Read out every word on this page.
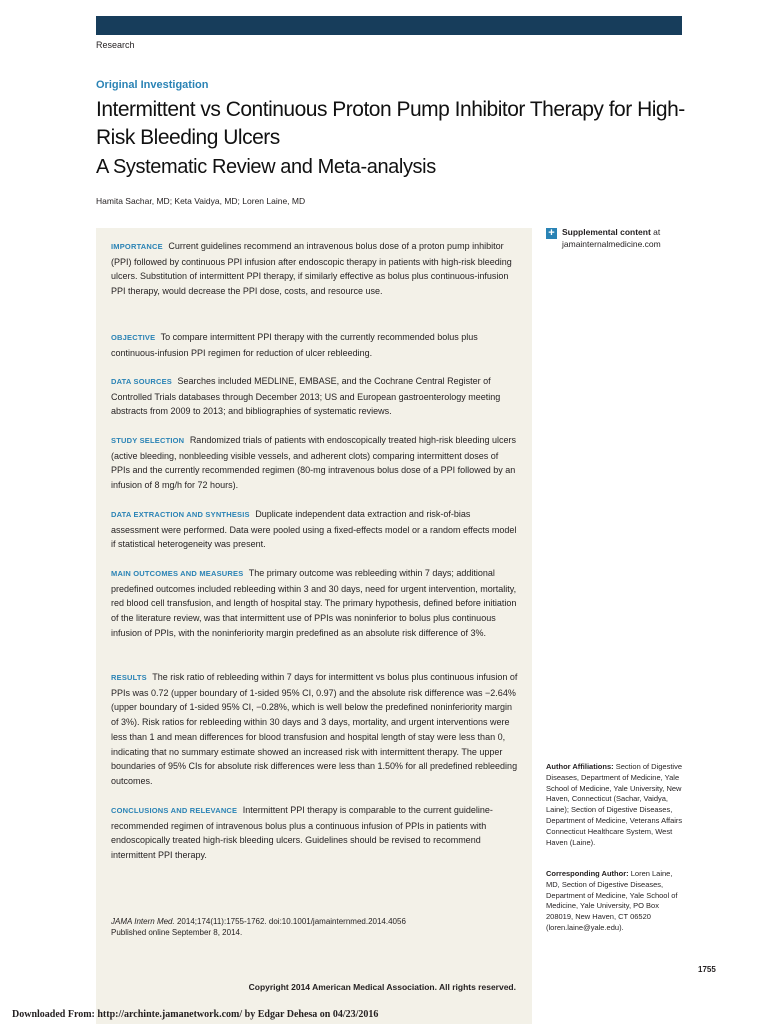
Research
Original Investigation
Intermittent vs Continuous Proton Pump Inhibitor Therapy for High-Risk Bleeding Ulcers
A Systematic Review and Meta-analysis
Hamita Sachar, MD; Keta Vaidya, MD; Loren Laine, MD
IMPORTANCE Current guidelines recommend an intravenous bolus dose of a proton pump inhibitor (PPI) followed by continuous PPI infusion after endoscopic therapy in patients with high-risk bleeding ulcers. Substitution of intermittent PPI therapy, if similarly effective as bolus plus continuous-infusion PPI therapy, would decrease the PPI dose, costs, and resource use.
OBJECTIVE To compare intermittent PPI therapy with the currently recommended bolus plus continuous-infusion PPI regimen for reduction of ulcer rebleeding.
DATA SOURCES Searches included MEDLINE, EMBASE, and the Cochrane Central Register of Controlled Trials databases through December 2013; US and European gastroenterology meeting abstracts from 2009 to 2013; and bibliographies of systematic reviews.
STUDY SELECTION Randomized trials of patients with endoscopically treated high-risk bleeding ulcers (active bleeding, nonbleeding visible vessels, and adherent clots) comparing intermittent doses of PPIs and the currently recommended regimen (80-mg intravenous bolus dose of a PPI followed by an infusion of 8 mg/h for 72 hours).
DATA EXTRACTION AND SYNTHESIS Duplicate independent data extraction and risk-of-bias assessment were performed. Data were pooled using a fixed-effects model or a random effects model if statistical heterogeneity was present.
MAIN OUTCOMES AND MEASURES The primary outcome was rebleeding within 7 days; additional predefined outcomes included rebleeding within 3 and 30 days, need for urgent intervention, mortality, red blood cell transfusion, and length of hospital stay. The primary hypothesis, defined before initiation of the literature review, was that intermittent use of PPIs was noninferior to bolus plus continuous infusion of PPIs, with the noninferiority margin predefined as an absolute risk difference of 3%.
RESULTS The risk ratio of rebleeding within 7 days for intermittent vs bolus plus continuous infusion of PPIs was 0.72 (upper boundary of 1-sided 95% CI, 0.97) and the absolute risk difference was −2.64% (upper boundary of 1-sided 95% CI, −0.28%, which is well below the predefined noninferiority margin of 3%). Risk ratios for rebleeding within 30 days and 3 days, mortality, and urgent interventions were less than 1 and mean differences for blood transfusion and hospital length of stay were less than 0, indicating that no summary estimate showed an increased risk with intermittent therapy. The upper boundaries of 95% CIs for absolute risk differences were less than 1.50% for all predefined rebleeding outcomes.
CONCLUSIONS AND RELEVANCE Intermittent PPI therapy is comparable to the current guideline-recommended regimen of intravenous bolus plus a continuous infusion of PPIs in patients with endoscopically treated high-risk bleeding ulcers. Guidelines should be revised to recommend intermittent PPI therapy.
JAMA Intern Med. 2014;174(11):1755-1762. doi:10.1001/jamainternmed.2014.4056
Published online September 8, 2014.
Copyright 2014 American Medical Association. All rights reserved.
+ Supplemental content at
jamainternalmedicine.com
Author Affiliations: Section of Digestive Diseases, Department of Medicine, Yale School of Medicine, Yale University, New Haven, Connecticut (Sachar, Vaidya, Laine); Section of Digestive Diseases, Department of Medicine, Veterans Affairs Connecticut Healthcare System, West Haven (Laine).
Corresponding Author: Loren Laine, MD, Section of Digestive Diseases, Department of Medicine, Yale School of Medicine, Yale University, PO Box 208019, New Haven, CT 06520 (loren.laine@yale.edu).
1755
Downloaded From: http://archinte.jamanetwork.com/ by Edgar Dehesa on 04/23/2016
